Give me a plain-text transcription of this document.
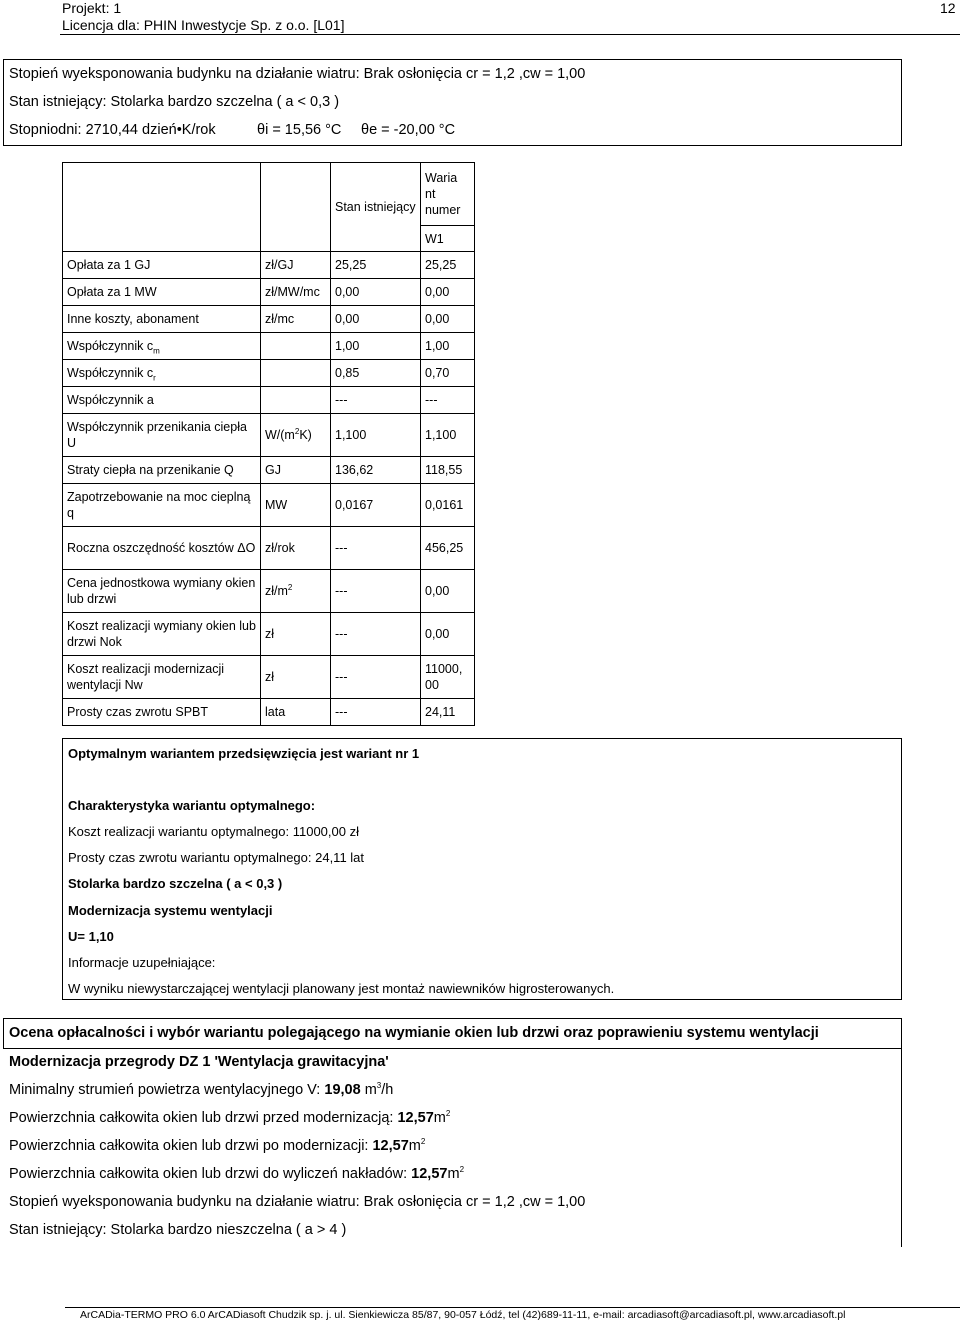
Projekt: 1
Licencja dla: PHIN Inwestycje Sp. z o.o. [L01]
12
Stopień wyeksponowania budynku na działanie wiatru: Brak osłonięcia cr = 1,2 ,cw = 1,00
Stan istniejący: Stolarka bardzo szczelna ( a < 0,3 )
Stopniodni: 2710,44 dzień•K/rok	θi = 15,56 °C θe = -20,00 °C
		Stan istniejący	Waria nt numer
			W1
Opłata za 1 GJ	zł/GJ	25,25	25,25
Opłata za 1 MW	zł/MW/mc	0,00	0,00
Inne koszty, abonament	zł/mc	0,00	0,00
Współczynnik $c_m$		1,00	1,00
Współczynnik $c_r$		0,85	0,70
Współczynnik a		---	---
Współczynnik przenikania ciepła U	$W/(m^2K)$	1,100	1,100
Straty ciepła na przenikanie Q	GJ	136,62	118,55
Zapotrzebowanie na moc cieplną q	MW	0,0167	0,0161
Roczna oszczędność kosztów ΔO	zł/rok	---	456,25
Cena jednostkowa wymiany okien lub drzwi	$zł/m^2$	---	0,00
Koszt realizacji wymiany okien lub drzwi Nok	zł	---	0,00
Koszt realizacji modernizacji wentylacji Nw	zł	---	11000, 00
Prosty czas zwrotu SPBT	lata	---	24,11
Optymalnym wariantem przedsięwzięcia jest wariant nr 1
Charakterystyka wariantu optymalnego:
Koszt realizacji wariantu optymalnego: 11000,00 zł
Prosty czas zwrotu wariantu optymalnego: 24,11 lat
Stolarka bardzo szczelna ( a < 0,3 )
Modernizacja systemu wentylacji
U= 1,10
Informacje uzupełniające:
W wyniku niewystarczającej wentylacji planowany jest montaż nawiewników higrosterowanych.
Ocena opłacalności i wybór wariantu polegającego na wymianie okien lub drzwi oraz poprawieniu systemu wentylacji
Modernizacja przegrody DZ 1 'Wentylacja grawitacyjna'
Minimalny strumień powietrza wentylacyjnego V: 19,08 $m^3/h$
Powierzchnia całkowita okien lub drzwi przed modernizacją: $12,57m^2$
Powierzchnia całkowita okien lub drzwi po modernizacji: $12,57m^2$
Powierzchnia całkowita okien lub drzwi do wyliczeń nakładów: $12,57m^2$
Stopień wyeksponowania budynku na działanie wiatru: Brak osłonięcia cr = 1,2 ,cw = 1,00
Stan istniejący: Stolarka bardzo nieszczelna ( a > 4 )
ArCADia-TERMO PRO 6.0 ArCADiasoft Chudzik sp. j. ul. Sienkiewicza 85/87, 90-057 Łódź, tel (42)689-11-11, e-mail: arcadiasoft@arcadiasoft.pl, www.arcadiasoft.pl
